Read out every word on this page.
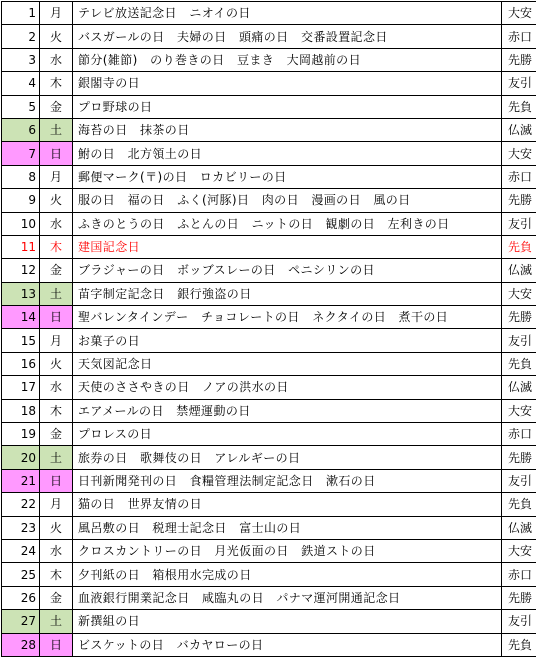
1	月	テレビ放送記念日　ニオイの日	大安
2	火	バスガールの日　夫婦の日　頭痛の日　交番設置記念日	赤口
3	水	節分(雑節)　のり巻きの日　豆まき　大岡越前の日	先勝
4	木	銀閣寺の日	友引
5	金	プロ野球の日	先負
6	土	海苔の日　抹茶の日	仏滅
7	日	鮒の日　北方領土の日	大安
8	月	郵便マーク(〒)の日　ロカビリーの日	赤口
9	火	服の日　福の日　ふく(河豚)日　肉の日　漫画の日　風の日	先勝
10	水	ふきのとうの日　ふとんの日　ニットの日　観劇の日　左利きの日	友引
11	木	建国記念日	先負
12	金	ブラジャーの日　ボッブスレーの日　ペニシリンの日	仏滅
13	土	苗字制定記念日　銀行強盗の日	大安
14	日	聖バレンタインデー　チョコレートの日　ネクタイの日　煮干の日	先勝
15	月	お菓子の日	友引
16	火	天気図記念日	先負
17	水	天使のささやきの日　ノアの洪水の日	仏滅
18	木	エアメールの日　禁煙運動の日	大安
19	金	プロレスの日	赤口
20	土	旅券の日　歌舞伎の日　アレルギーの日	先勝
21	日	日刊新聞発刊の日　食糧管理法制定記念日　漱石の日	友引
22	月	猫の日　世界友情の日	先負
23	火	風呂敷の日　税理士記念日　富士山の日	仏滅
24	水	クロスカントリーの日　月光仮面の日　鉄道ストの日	大安
25	木	夕刊紙の日　箱根用水完成の日	赤口
26	金	血液銀行開業記念日　咸臨丸の日　パナマ運河開通記念日	先勝
27	土	新撰組の日	友引
28	日	ビスケットの日　バカヤローの日	先負
